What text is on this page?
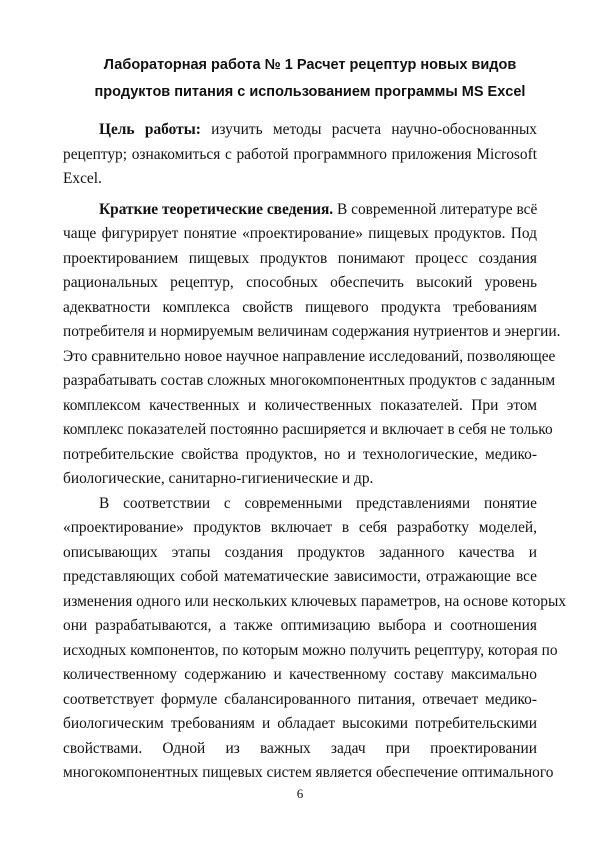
Лабораторная работа № 1 Расчет рецептур новых видов
продуктов питания с использованием программы MS Excel
Цель работы: изучить методы расчета научно-обоснованных
рецептур; ознакомиться с работой программного приложения Microsoft
Excel.
Краткие теоретические сведения. В современной литературе всё
чаще фигурирует понятие «проектирование» пищевых продуктов. Под
проектированием пищевых продуктов понимают процесс создания
рациональных рецептур, способных обеспечить высокий уровень
адекватности комплекса свойств пищевого продукта требованиям
потребителя и нормируемым величинам содержания нутриентов и энергии.
Это сравнительно новое научное направление исследований, позволяющее
разрабатывать состав сложных многокомпонентных продуктов с заданным
комплексом качественных и количественных показателей. При этом
комплекс показателей постоянно расширяется и включает в себя не только
потребительские свойства продуктов, но и технологические, медико-
биологические, санитарно-гигиенические и др.
В соответствии с современными представлениями понятие
«проектирование» продуктов включает в себя разработку моделей,
описывающих этапы создания продуктов заданного качества и
представляющих собой математические зависимости, отражающие все
изменения одного или нескольких ключевых параметров, на основе которых
они разрабатываются, а также оптимизацию выбора и соотношения
исходных компонентов, по которым можно получить рецептуру, которая по
количественному содержанию и качественному составу максимально
соответствует формуле сбалансированного питания, отвечает медико-
биологическим требованиям и обладает высокими потребительскими
свойствами. Одной из важных задач при проектировании
многокомпонентных пищевых систем является обеспечение оптимального
6
